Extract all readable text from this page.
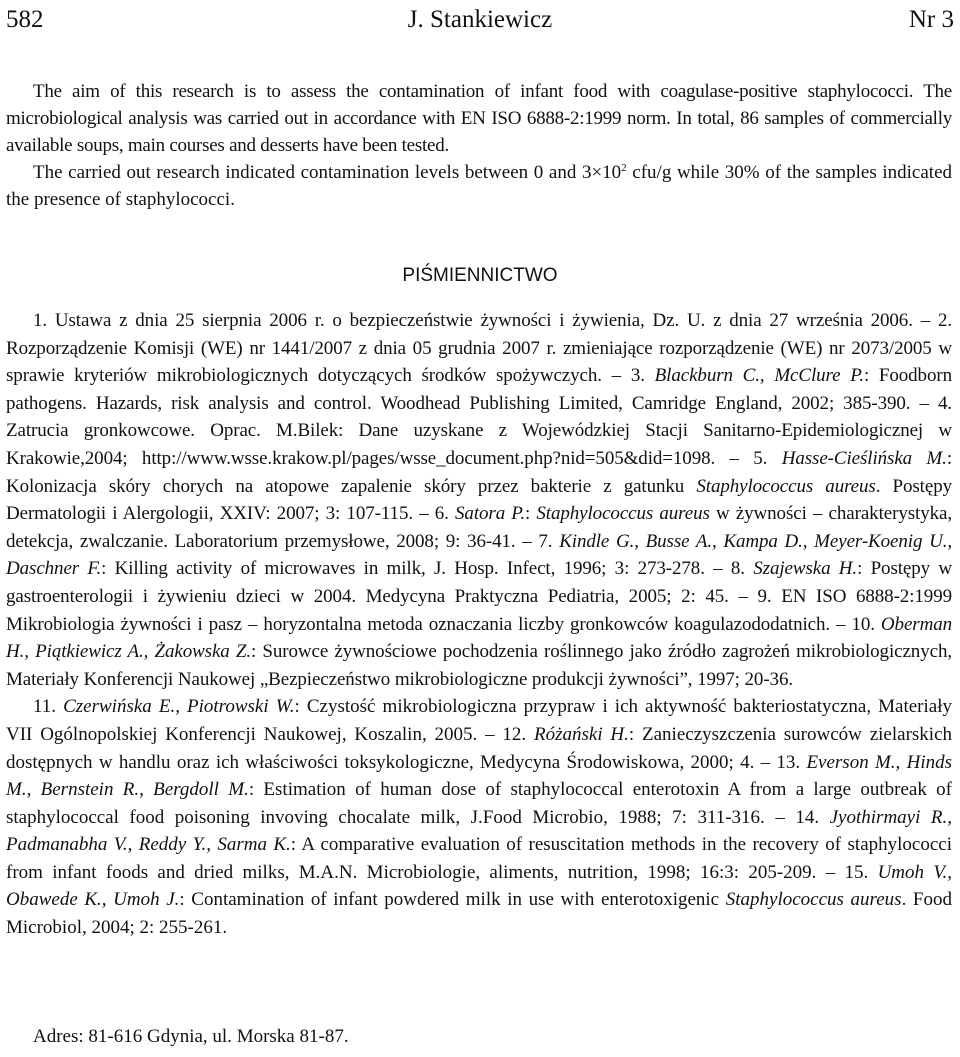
582	J. Stankiewicz	Nr 3

The aim of this research is to assess the contamination of infant food with coagulase-positive staphylococci. The microbiological analysis was carried out in accordance with EN ISO 6888-2:1999 norm. In total, 86 samples of commercially available soups, main courses and desserts have been tested.

The carried out research indicated contamination levels between 0 and $3\times 10^2$ cfu/g while 30% of the samples indicated the presence of staphylococci.

PIŚMIENNICTWO

1. Ustawa z dnia 25 sierpnia 2006 r. o bezpieczeństwie żywności i żywienia, Dz. U. z dnia 27 września 2006. – 2. Rozporządzenie Komisji (WE) nr 1441/2007 z dnia 05 grudnia 2007 r. zmieniające rozporządzenie (WE) nr 2073/2005 w sprawie kryteriów mikrobiologicznych dotyczących środków spożywczych. – 3. Blackburn C., McClure P.: Foodborn pathogens. Hazards, risk analysis and control. Woodhead Publishing Limited, Camridge England, 2002; 385-390. – 4. Zatrucia gronkowcowe. Oprac. M.Bilek: Dane uzyskane z Wojewódzkiej Stacji Sanitarno-Epidemiologicznej w Krakowie,2004; http://www.wsse.krakow.pl/pages/wsse_document.php?nid=505&did=1098. – 5. Hasse-Cieślińska M.: Kolonizacja skóry chorych na atopowe zapalenie skóry przez bakterie z gatunku Staphylococcus aureus. Postępy Dermatologii i Alergologii, XXIV: 2007; 3: 107-115. – 6. Satora P.: Staphylococcus aureus w żywności – charakterystyka, detekcja, zwalczanie. Laboratorium przemysłowe, 2008; 9: 36-41. – 7. Kindle G., Busse A., Kampa D., Meyer-Koenig U., Daschner F.: Killing activity of microwaves in milk, J. Hosp. Infect, 1996; 3: 273-278. – 8. Szajewska H.: Postępy w gastroenterologii i żywieniu dzieci w 2004. Medycyna Praktyczna Pediatria, 2005; 2: 45. – 9. EN ISO 6888-2:1999 Mikrobiologia żywności i pasz – horyzontalna metoda oznaczania liczby gronkowców koagulazododatnich. – 10. Oberman H., Piątkiewicz A., Żakowska Z.: Surowce żywnościowe pochodzenia roślinnego jako źródło zagrożeń mikrobiologicznych, Materiały Konferencji Naukowej „Bezpieczeństwo mikrobiologiczne produkcji żywności”, 1997; 20-36.

11. Czerwińska E., Piotrowski W.: Czystość mikrobiologiczna przypraw i ich aktywność bakteriostatyczna, Materiały VII Ogólnopolskiej Konferencji Naukowej, Koszalin, 2005. – 12. Różański H.: Zanieczyszczenia surowców zielarskich dostępnych w handlu oraz ich właściwości toksykologiczne, Medycyna Środowiskowa, 2000; 4. – 13. Everson M., Hinds M., Bernstein R., Bergdoll M.: Estimation of human dose of staphylococcal enterotoxin A from a large outbreak of staphylococcal food poisoning invoving chocalate milk, J.Food Microbio, 1988; 7: 311-316. – 14. Jyothirmayi R., Padmanabha V., Reddy Y., Sarma K.: A comparative evaluation of resuscitation methods in the recovery of staphylococci from infant foods and dried milks, M.A.N. Microbiologie, aliments, nutrition, 1998; 16:3: 205-209. – 15. Umoh V., Obawede K., Umoh J.: Contamination of infant powdered milk in use with enterotoxigenic Staphylococcus aureus. Food Microbiol, 2004; 2: 255-261.

Adres: 81-616 Gdynia, ul. Morska 81-87.
